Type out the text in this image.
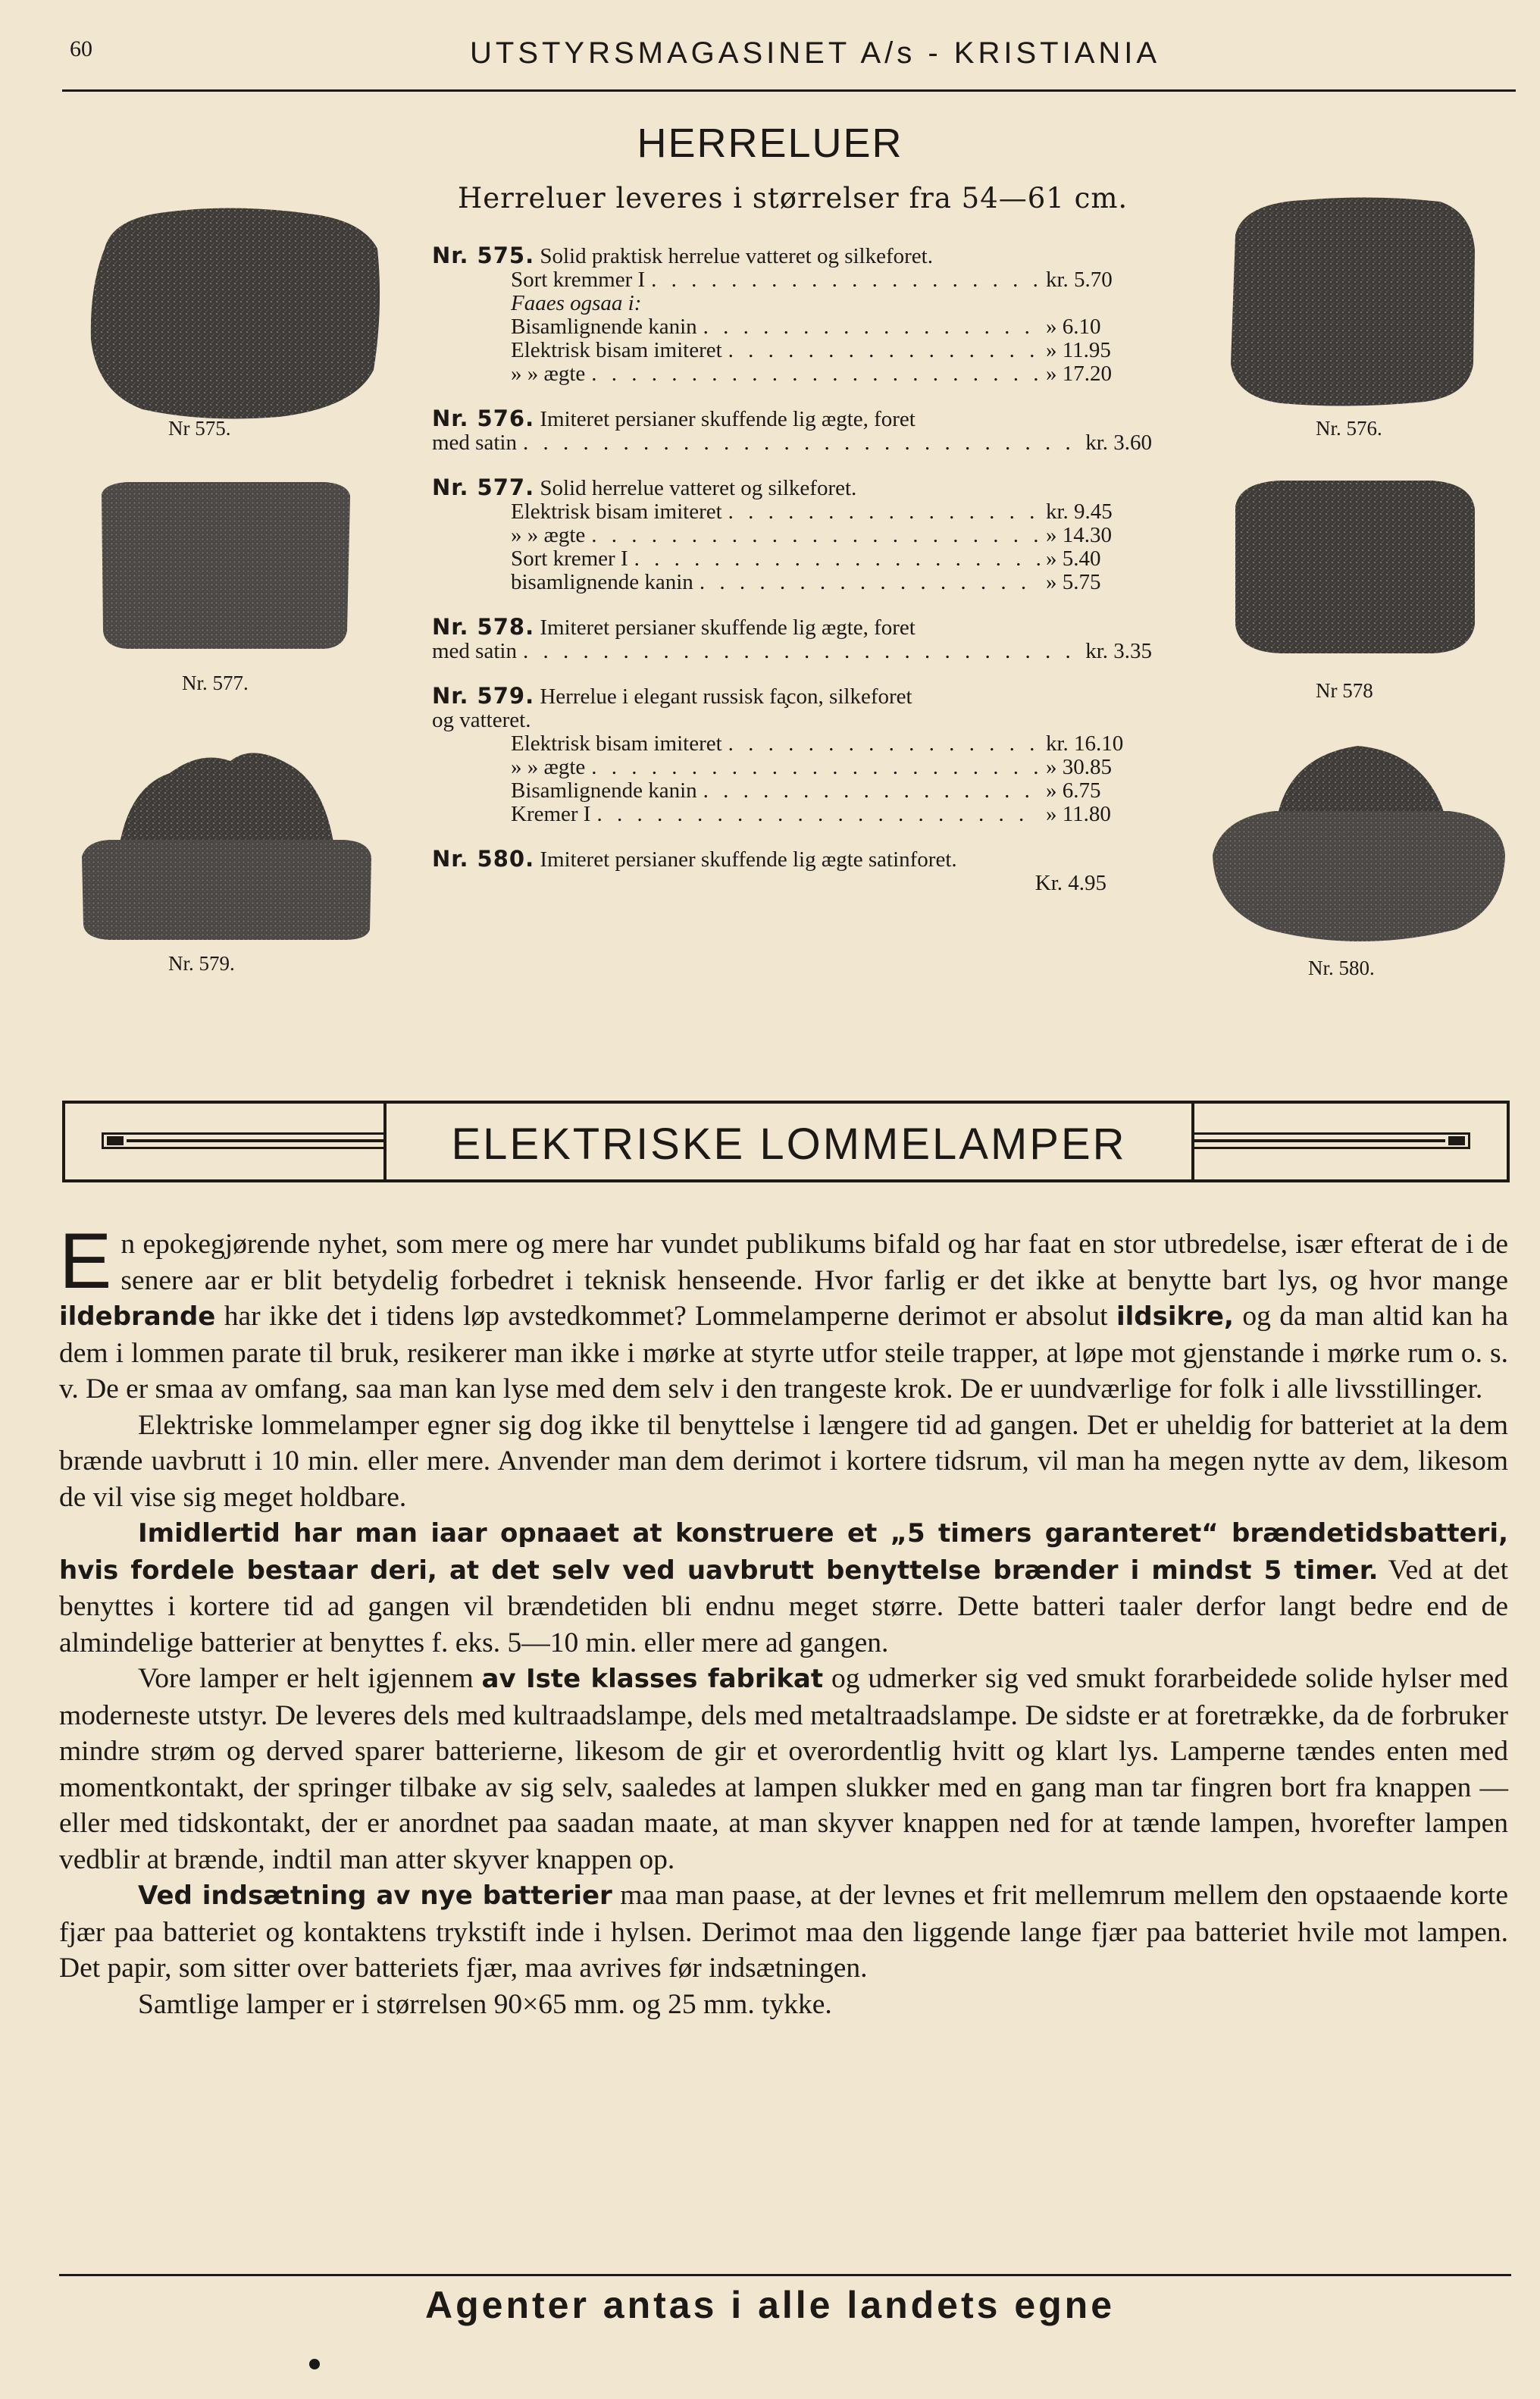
60	UTSTYRSMAGASINET A/s - KRISTIANIA
HERRELUER
Herreluer leveres i størrelser fra 54—61 cm.
Nr 575.
Nr. 577.
Nr. 579.
Nr. 576.
Nr 578
Nr. 580.
Nr. 575. Solid praktisk herrelue vatteret og silkeforet.
Sort kremmer I . . .	kr. 5.70
Faaes ogsaa i:
Bisamlignende kanin . . .	» 6.10
Elektrisk bisam imiteret . . .	» 11.95
» » ægte . . .	» 17.20
Nr. 576. Imiteret persianer skuffende lig ægte, foret
med satin . . .	kr. 3.60
Nr. 577. Solid herrelue vatteret og silkeforet.
Elektrisk bisam imiteret . . .	kr. 9.45
» » ægte . . .	» 14.30
Sort kremer I . . .	» 5.40
bisamlignende kanin . . .	» 5.75
Nr. 578. Imiteret persianer skuffende lig ægte, foret
med satin . . .	kr. 3.35
Nr. 579. Herrelue i elegant russisk fa̧con, silkeforet
og vatteret.
Elektrisk bisam imiteret . . .	kr. 16.10
» » ægte . . .	» 30.85
Bisamlignende kanin . . .	» 6.75
Kremer I . . .	» 11.80
Nr. 580. Imiteret persianer skuffende lig ægte satinforet.
Kr. 4.95
ELEKTRISKE LOMMELAMPER

En epokegjørende nyhet, som mere og mere har vundet publikums bifald og har faat en stor utbredelse, især efterat de i de senere aar er blit betydelig forbedret i teknisk henseende. Hvor farlig er det ikke at benytte bart lys, og hvor mange ildebrande har ikke det i tidens løp avstedkommet? Lommelamperne derimot er absolut ildsikre, og da man altid kan ha dem i lommen parate til bruk, resikerer man ikke i mørke at styrte utfor steile trapper, at løpe mot gjenstande i mørke rum o. s. v. De er smaa av omfang, saa man kan lyse med dem selv i den trangeste krok. De er uundværlige for folk i alle livsstillinger.

Elektriske lommelamper egner sig dog ikke til benyttelse i længere tid ad gangen. Det er uheldig for batteriet at la dem brænde uavbrutt i 10 min. eller mere. Anvender man dem derimot i kortere tidsrum, vil man ha megen nytte av dem, likesom de vil vise sig meget holdbare.

Imidlertid har man iaar opnaaet at konstruere et „5 timers garanteret“ brændetidsbatteri, hvis fordele bestaar deri, at det selv ved uavbrutt benyttelse brænder i mindst 5 timer. Ved at det benyttes i kortere tid ad gangen vil brændetiden bli endnu meget større. Dette batteri taaler derfor langt bedre end de almindelige batterier at benyttes f. eks. 5—10 min. eller mere ad gangen.

Vore lamper er helt igjennem av Iste klasses fabrikat og udmerker sig ved smukt forarbeidede solide hylser med moderneste utstyr. De leveres dels med kultraadslampe, dels med metaltraadslampe. De sidste er at foretrække, da de forbruker mindre strøm og derved sparer batterierne, likesom de gir et overordentlig hvitt og klart lys. Lamperne tændes enten med momentkontakt, der springer tilbake av sig selv, saaledes at lampen slukker med en gang man tar fingren bort fra knappen — eller med tidskontakt, der er anordnet paa saadan maate, at man skyver knappen ned for at tænde lampen, hvorefter lampen vedblir at brænde, indtil man atter skyver knappen op.

Ved indsætning av nye batterier maa man paase, at der levnes et frit mellemrum mellem den opstaaende korte fjær paa batteriet og kontaktens trykstift inde i hylsen. Derimot maa den liggende lange fjær paa batteriet hvile mot lampen. Det papir, som sitter over batteriets fjær, maa avrives før indsætningen.

Samtlige lamper er i størrelsen 90×65 mm. og 25 mm. tykke.

Agenter antas i alle landets egne
